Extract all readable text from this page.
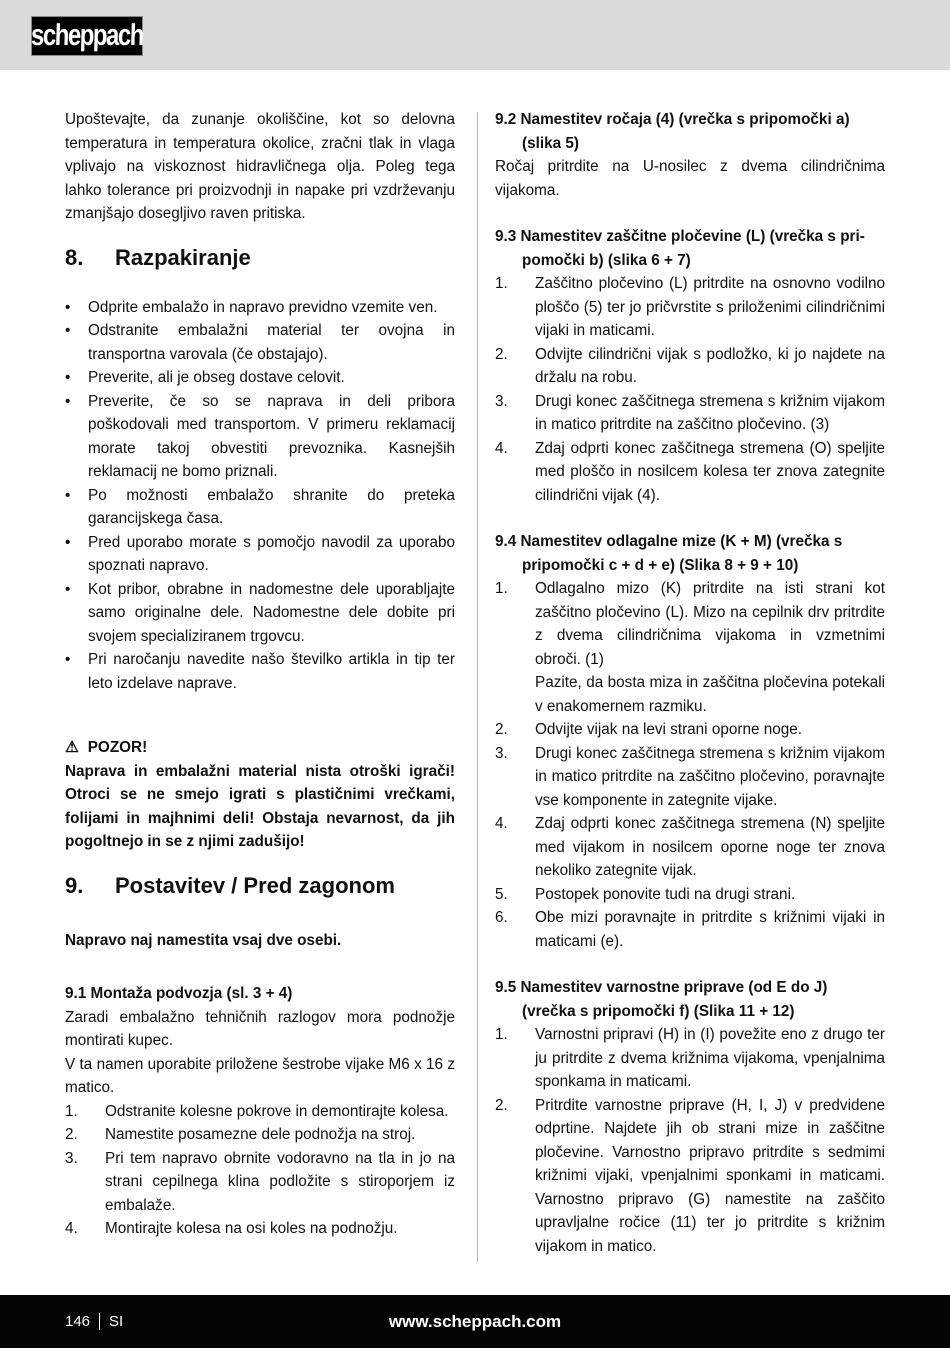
scheppach

Upoštevajte, da zunanje okoliščine, kot so delovna temperatura in temperatura okolice, zračni tlak in vlaga vplivajo na viskoznost hidravličnega olja. Poleg tega lahko tolerance pri proizvodnji in napake pri vzdrževanju zmanjšajo dosegljivo raven pritiska.

8.	Razpakiranje
•	Odprite embalažo in napravo previdno vzemite ven.
•	Odstranite embalažni material ter ovojna in transportna varovala (če obstajajo).
•	Preverite, ali je obseg dostave celovit.
•	Preverite, če so se naprava in deli pribora poškodovali med transportom. V primeru reklamacij morate takoj obvestiti prevoznika. Kasnejših reklamacij ne bomo priznali.
•	Po možnosti embalažo shranite do preteka garancijskega časa.
•	Pred uporabo morate s pomočjo navodil za uporabo spoznati napravo.
•	Kot pribor, obrabne in nadomestne dele uporabljajte samo originalne dele. Nadomestne dele dobite pri svojem specializiranem trgovcu.
•	Pri naročanju navedite našo številko artikla in tip ter leto izdelave naprave.
⚠ POZOR!
Naprava in embalažni material nista otroški igrači! Otroci se ne smejo igrati s plastičnimi vrečkami, folijami in majhnimi deli! Obstaja nevarnost, da jih pogoltnejo in se z njimi zadušijo!
9.	Postavitev / Pred zagonom

Napravo naj namestita vsaj dve osebi.

9.1 Montaža podvozja (sl. 3 + 4)

Zaradi embalažno tehničnih razlogov mora podnožje montirati kupec.

V ta namen uporabite priložene šestrobe vijake M6 x 16 z matico.

1.	Odstranite kolesne pokrove in demontirajte kolesa.
2.	Namestite posamezne dele podnožja na stroj.
3.	Pri tem napravo obrnite vodoravno na tla in jo na strani cepilnega klina podložite s stiroporjem iz embalaže.
4.	Montirajte kolesa na osi koles na podnožju.
9.2 Namestitev ročaja (4) (vrečka s pripomočki a)
(slika 5)

Ročaj pritrdite na U-nosilec z dvema cilindričnima vijakoma.

9.3 Namestitev zaščitne pločevine (L) (vrečka s pri-
pomočki b) (slika 6 + 7)
1.	Zaščitno pločevino (L) pritrdite na osnovno vodilno ploščo (5) ter jo pričvrstite s priloženimi cilindričnimi vijaki in maticami.
2.	Odvijte cilindrični vijak s podložko, ki jo najdete na držalu na robu.
3.	Drugi konec zaščitnega stremena s križnim vijakom in matico pritrdite na zaščitno pločevino. (3)
4.	Zdaj odprti konec zaščitnega stremena (O) speljite med ploščo in nosilcem kolesa ter znova zategnite cilindrični vijak (4).
9.4 Namestitev odlagalne mize (K + M) (vrečka s
pripomočki c + d + e) (Slika 8 + 9 + 10)
1.	Odlagalno mizo (K) pritrdite na isti strani kot zaščitno pločevino (L). Mizo na cepilnik drv pritrdite z dvema cilindričnima vijakoma in vzmetnimi obroči. (1)
Pazite, da bosta miza in zaščitna pločevina potekali v enakomernem razmiku.
2.	Odvijte vijak na levi strani oporne noge.
3.	Drugi konec zaščitnega stremena s križnim vijakom in matico pritrdite na zaščitno pločevino, poravnajte vse komponente in zategnite vijake.
4.	Zdaj odprti konec zaščitnega stremena (N) speljite med vijakom in nosilcem oporne noge ter znova nekoliko zategnite vijak.
5.	Postopek ponovite tudi na drugi strani.
6.	Obe mizi poravnajte in pritrdite s križnimi vijaki in maticami (e).
9.5 Namestitev varnostne priprave (od E do J)
(vrečka s pripomočki f) (Slika 11 + 12)
1.	Varnostni pripravi (H) in (I) povežite eno z drugo ter ju pritrdite z dvema križnima vijakoma, vpenjalnima sponkama in maticami.
2.	Pritrdite varnostne priprave (H, I, J) v predvidene odprtine. Najdete jih ob strani mize in zaščitne pločevine. Varnostno pripravo pritrdite s sedmimi križnimi vijaki, vpenjalnimi sponkami in maticami. Varnostno pripravo (G) namestite na zaščito upravljalne ročice (11) ter jo pritrdite s križnim vijakom in matico.
www.scheppach.com
146 SI
